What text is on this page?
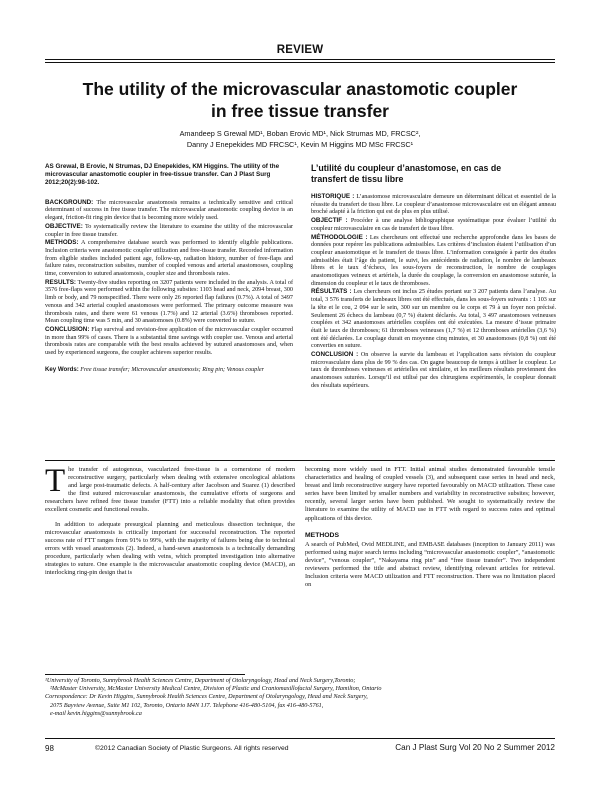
REVIEW
The utility of the microvascular anastomotic coupler
in free tissue transfer
Amandeep S Grewal MD¹, Boban Erovic MD¹, Nick Strumas MD, FRCSC²,
Danny J Enepekides MD FRCSC¹, Kevin M Higgins MD MSc FRCSC¹
AS Grewal, B Erovic, N Strumas, DJ Enepekides, KM Higgins. The utility of the microvascular anastomotic coupler in free-tissue transfer. Can J Plast Surg 2012;20(2):98-102.

BACKGROUND: The microvascular anastomosis remains a technically sensitive and critical determinant of success in free tissue transfer. The microvascular anastomotic coupling device is an elegant, friction-fit ring pin device that is becoming more widely used.

OBJECTIVE: To systematically review the literature to examine the utility of the microvascular coupler in free tissue transfer.

METHODS: A comprehensive database search was performed to identify eligible publications. Inclusion criteria were anastomotic coupler utilization and free-tissue transfer. Recorded information from eligible studies included patient age, follow-up, radiation history, number of free-flaps and failure rates, reconstruction subsites, number of coupled venous and arterial anastomoses, coupling time, conversion to sutured anastomosis, coupler size and thrombosis rates.

RESULTS: Twenty-five studies reporting on 3207 patients were included in the analysis. A total of 3576 free-flaps were performed within the following subsites: 1103 head and neck, 2094 breast, 300 limb or body, and 79 nonspecified. There were only 26 reported flap failures (0.7%). A total of 3497 venous and 342 arterial coupled anastomoses were performed. The primary outcome measure was thrombosis rates, and there were 61 venous (1.7%) and 12 arterial (3.6%) thromboses reported. Mean coupling time was 5 min, and 30 anastomoses (0.8%) were converted to suture.

CONCLUSION: Flap survival and revision-free application of the microvascular coupler occurred in more than 99% of cases. There is a substantial time savings with coupler use. Venous and arterial thrombosis rates are comparable with the best results achieved by sutured anastomoses and, when used by experienced surgeons, the coupler achieves superior results.

Key Words: Free tissue transfer; Microvascular anastomosis; Ring pin; Venous coupler
L’utilité du coupleur d’anastomose, en cas de
transfert de tissu libre

HISTORIQUE : L’anastomose microvasculaire demeure un déterminant délicat et essentiel de la réussite du transfert de tissu libre. Le coupleur d’anastomose microvasculaire est un élégant anneau broché adapté à la friction qui est de plus en plus utilisé.

OBJECTIF : Procéder à une analyse bibliographique systématique pour évaluer l’utilité du coupleur microvasculaire en cas de transfert de tissu libre.

MÉTHODOLOGIE : Les chercheurs ont effectué une recherche approfondie dans les bases de données pour repérer les publications admissibles. Les critères d’inclusion étaient l’utilisation d’un coupleur anastomotique et le transfert de tissus libre. L’information consignée à partir des études admissibles était l’âge du patient, le suivi, les antécédents de radiation, le nombre de lambeaux libres et le taux d’échecs, les sous-foyers de reconstruction, le nombre de couplages anastomotiques veineux et artériels, la durée du couplage, la conversion en anastomose suturée, la dimension du coupleur et le taux de thromboses.

RÉSULTATS : Les chercheurs ont inclus 25 études portant sur 3 207 patients dans l’analyse. Au total, 3 576 transferts de lambeaux libres ont été effectués, dans les sous-foyers suivants : 1 103 sur la tête et le cou, 2 094 sur le sein, 300 sur un membre ou le corps et 79 à un foyer non précisé. Seulement 26 échecs du lambeau (0,7 %) étaient déclarés. Au total, 3 497 anastomoses veineuses couplées et 342 anastomoses artérielles couplées ont été exécutées. La mesure d’issue primaire était le taux de thromboses; 61 thromboses veineuses (1,7 %) et 12 thromboses artérielles (3,6 %) ont été déclarées. Le couplage durait en moyenne cinq minutes, et 30 anastomoses (0,8 %) ont été converties en suture.

CONCLUSION : On observe la survie du lambeau et l’application sans révision du coupleur microvasculaire dans plus de 99 % des cas. On gagne beaucoup de temps à utiliser le coupleur. Le taux de thromboses veineuses et artérielles est similaire, et les meilleurs résultats proviennent des anastomoses suturées. Lorsqu’il est utilisé par des chirurgiens expérimentés, le coupleur donnait des résultats supérieurs.

The transfer of autogenous, vascularized free-tissue is a cornerstone of modern reconstructive surgery, particularly when dealing with extensive oncological ablations and large post-traumatic defects. A half-century after Jacobson and Suarez (1) described the first sutured microvascular anastomosis, the cumulative efforts of surgeons and researchers have refined free tissue transfer (FTT) into a reliable modality that often provides excellent cosmetic and functional results.

In addition to adequate presurgical planning and meticulous dissection technique, the microvascular anastomosis is critically important for successful reconstruction. The reported success rate of FTT ranges from 91% to 99%, with the majority of failures being due to technical errors with vessel anastomosis (2). Indeed, a hand-sewn anastomosis is a technically demanding procedure, particularly when dealing with veins, which prompted investigation into alternative strategies to suture. One example is the microvascular anastomotic coupling device (MACD), an interlocking ring-pin design that is

becoming more widely used in FTT. Initial animal studies demonstrated favourable tensile characteristics and healing of coupled vessels (3), and subsequent case series in head and neck, breast and limb reconstructive surgery have reported favourably on MACD utilization. These case series have been limited by smaller numbers and variability in reconstructive subsites; however, recently, several larger series have been published. We sought to systematically review the literature to examine the utility of MACD use in FTT with regard to success rates and optimal applications of this device.

METHODS

A search of PubMed, Ovid MEDLINE, and EMBASE databases (inception to January 2011) was performed using major search terms including “microvascular anastomotic coupler”, “anastomotic device”, “venous coupler”, “Nakayama ring pin” and “free tissue transfer”. Two independent reviewers performed the title and abstract review, identifying relevant articles for retrieval. Inclusion criteria were MACD utilization and FTT reconstruction. There was no limitation placed on

¹University of Toronto, Sunnybrook Health Sciences Centre, Department of Otolaryngology, Head and Neck Surgery,Toronto;
²McMaster University, McMaster University Medical Centre, Division of Plastic and Craniomaxillofacial Surgery, Hamilton, Ontario
Correspondence: Dr Kevin Higgins, Sunnybrook Health Sciences Centre, Department of Otolaryngology, Head and Neck Surgery,
2075 Bayview Avenue, Suite M1 102, Toronto, Ontario M4N 1J7. Telephone 416-480-5104, fax 416-480-5761,
e-mail kevin.higgins@sunnybrook.ca
98	©2012 Canadian Society of Plastic Surgeons. All rights reserved	Can J Plast Surg Vol 20 No 2 Summer 2012
